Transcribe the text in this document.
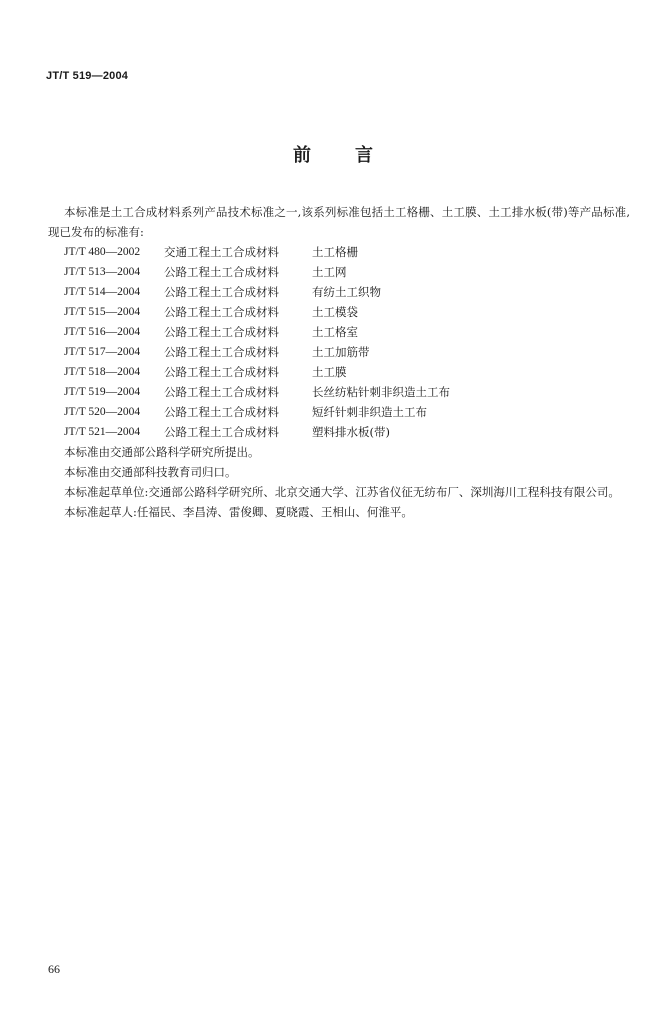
JT/T 519—2004
前言

本标准是土工合成材料系列产品技术标准之一,该系列标准包括土工格栅、土工膜、土工排水板(带)等产品标准,现已发布的标准有:

JT/T 480—2002	交通工程土工合成材料	土工格栅
JT/T 513—2004	公路工程土工合成材料	土工网
JT/T 514—2004	公路工程土工合成材料	有纺土工织物
JT/T 515—2004	公路工程土工合成材料	土工模袋
JT/T 516—2004	公路工程土工合成材料	土工格室
JT/T 517—2004	公路工程土工合成材料	土工加筋带
JT/T 518—2004	公路工程土工合成材料	土工膜
JT/T 519—2004	公路工程土工合成材料	长丝纺粘针刺非织造土工布
JT/T 520—2004	公路工程土工合成材料	短纤针刺非织造土工布
JT/T 521—2004	公路工程土工合成材料	塑料排水板(带)

本标准由交通部公路科学研究所提出。

本标准由交通部科技教育司归口。

本标准起草单位:交通部公路科学研究所、北京交通大学、江苏省仪征无纺布厂、深圳海川工程科技有限公司。

本标准起草人:任福民、李昌涛、雷俊卿、夏晓霞、王相山、何淮平。

66
